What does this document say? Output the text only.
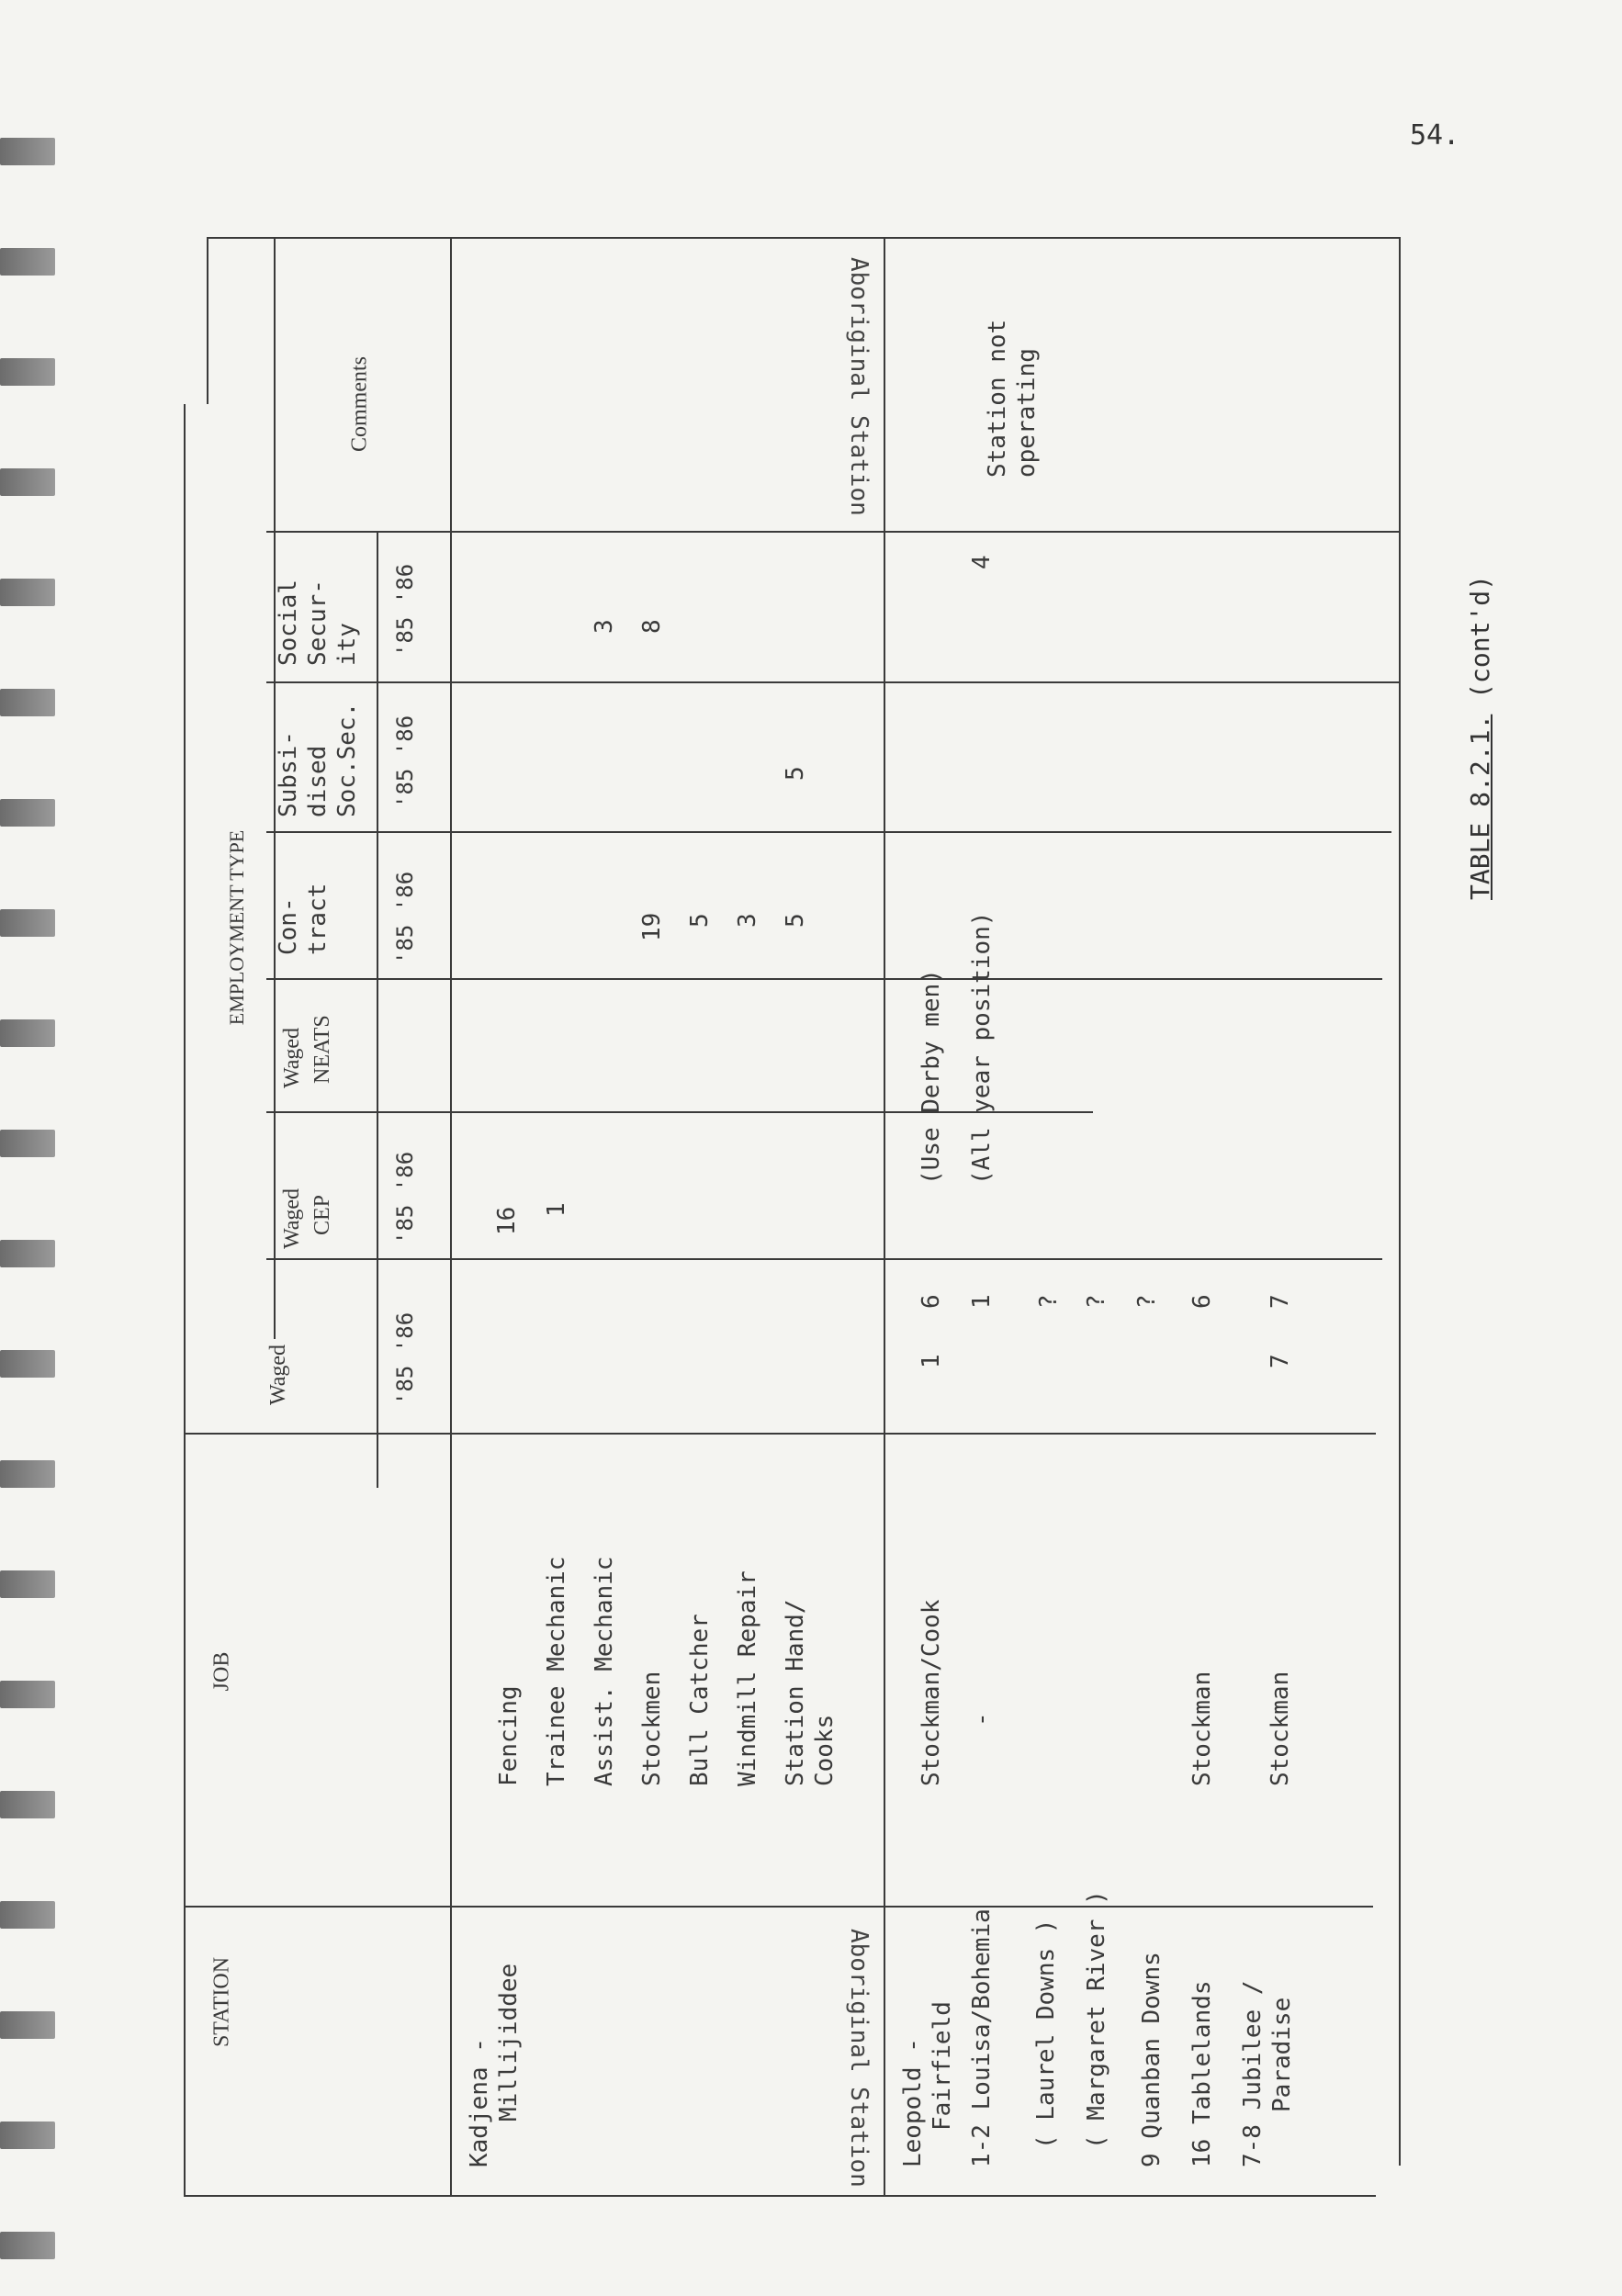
54.
STATION
JOB
EMPLOYMENT TYPE
Waged
Waged CEP
Waged NEATS
Con- tract
Subsi- dised Soc.Sec.
Social Secur- ity
Comments
'85 '86
'85 '86
'85 '86
'85 '86
'85 '86
Aboriginal Station
Aboriginal Station
Kadjena - Millijiddee
Fencing Trainee Mechanic Assist. Mechanic Stockmen Bull Catcher Windmill Repair Station Hand/ Cooks
16 1
19 5 3 5
5
3 8
Leopold - Fairfield
Stockman/Cook
1
6
(Use Derby men)
1-2 Louisa/Bohemia
-
1
(All year position)
4
Station not operating
( Laurel Downs )
?
( Margaret River )
?
9 Quanban Downs
?
16 Tablelands
Stockman
6
7-8 Jubilee / Paradise
Stockman
7
7
TABLE 8.2.1. (cont'd)
